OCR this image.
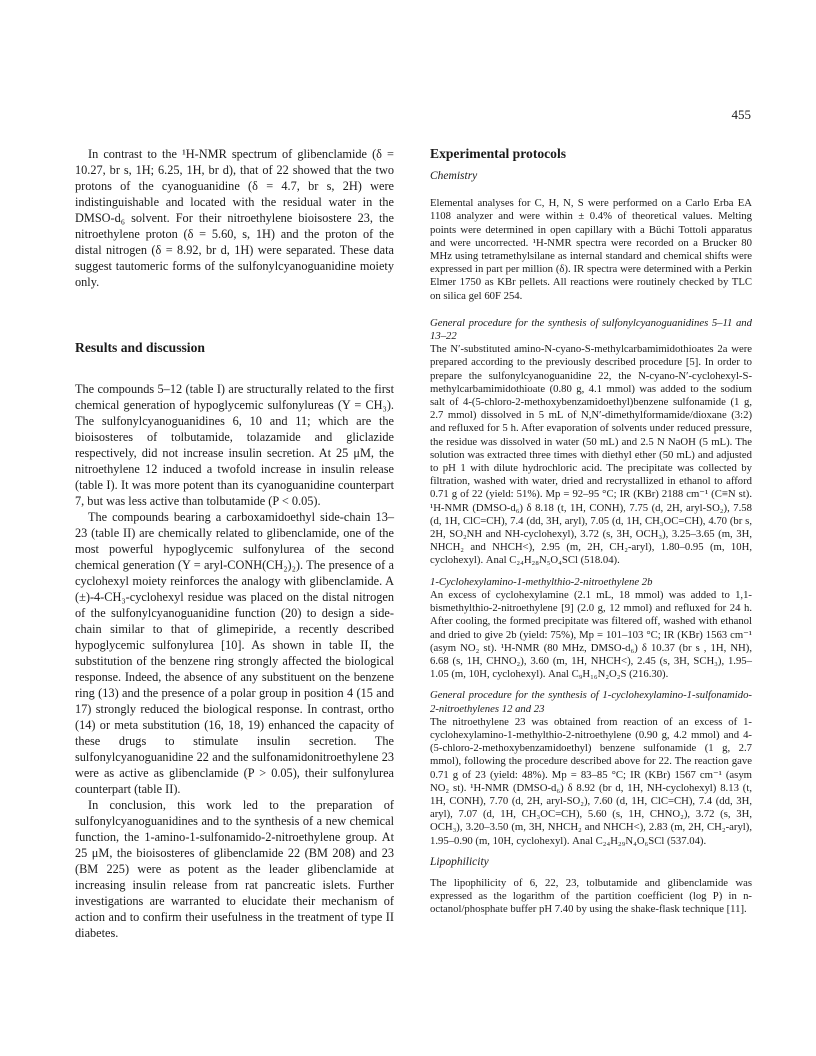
455

In contrast to the ¹H-NMR spectrum of glibenclamide (δ = 10.27, br s, 1H; 6.25, 1H, br d), that of 22 showed that the two protons of the cyanoguanidine (δ = 4.7, br s, 2H) were indistinguishable and located with the residual water in the DMSO-d₆ solvent. For their nitroethylene bioisostere 23, the nitroethylene proton (δ = 5.60, s, 1H) and the proton of the distal nitrogen (δ = 8.92, br d, 1H) were separated. These data suggest tautomeric forms of the sulfonylcyanoguanidine moiety only.

Results and discussion

The compounds 5–12 (table I) are structurally related to the first chemical generation of hypoglycemic sulfonylureas (Y = CH₃). The sulfonylcyanoguanidines 6, 10 and 11; which are the bioisosteres of tolbutamide, tolazamide and gliclazide respectively, did not increase insulin secretion. At 25 μM, the nitroethylene 12 induced a twofold increase in insulin release (table I). It was more potent than its cyanoguanidine counterpart 7, but was less active than tolbutamide (P < 0.05).

The compounds bearing a carboxamidoethyl side-chain 13–23 (table II) are chemically related to glibenclamide, one of the most powerful hypoglycemic sulfonylurea of the second chemical generation (Y = aryl-CONH(CH₂)₂). The presence of a cyclohexyl moiety reinforces the analogy with glibenclamide. A (±)-4-CH₃-cyclohexyl residue was placed on the distal nitrogen of the sulfonylcyanoguanidine function (20) to design a side-chain similar to that of glimepiride, a recently described hypoglycemic sulfonylurea [10]. As shown in table II, the substitution of the benzene ring strongly affected the biological response. Indeed, the absence of any substituent on the benzene ring (13) and the presence of a polar group in position 4 (15 and 17) strongly reduced the biological response. In contrast, ortho (14) or meta substitution (16, 18, 19) enhanced the capacity of these drugs to stimulate insulin secretion. The sulfonylcyanoguanidine 22 and the sulfonamidonitroethylene 23 were as active as glibenclamide (P > 0.05), their sulfonylurea counterpart (table II).

In conclusion, this work led to the preparation of sulfonylcyanoguanidines and to the synthesis of a new chemical function, the 1-amino-1-sulfonamido-2-nitroethylene group. At 25 μM, the bioisosteres of glibenclamide 22 (BM 208) and 23 (BM 225) were as potent as the leader glibenclamide at increasing insulin release from rat pancreatic islets. Further investigations are warranted to elucidate their mechanism of action and to confirm their usefulness in the treatment of type II diabetes.

Experimental protocols

Chemistry

Elemental analyses for C, H, N, S were performed on a Carlo Erba EA 1108 analyzer and were within ± 0.4% of theoretical values. Melting points were determined in open capillary with a Büchi Tottoli apparatus and were uncorrected. ¹H-NMR spectra were recorded on a Brucker 80 MHz using tetramethylsilane as internal standard and chemical shifts were expressed in part per million (δ). IR spectra were determined with a Perkin Elmer 1750 as KBr pellets. All reactions were routinely checked by TLC on silica gel 60F 254.

General procedure for the synthesis of sulfonylcyanoguanidines 5–11 and 13–22

The N′-substituted amino-N-cyano-S-methylcarbamimidothioates 2a were prepared according to the previously described procedure [5]. In order to prepare the sulfonylcyanoguanidine 22, the N-cyano-N′-cyclohexyl-S-methylcarbamimidothioate (0.80 g, 4.1 mmol) was added to the sodium salt of 4-(5-chloro-2-methoxybenzamidoethyl)benzene sulfonamide (1 g, 2.7 mmol) dissolved in 5 mL of N,N′-dimethylformamide/dioxane (3:2) and refluxed for 5 h. After evaporation of solvents under reduced pressure, the residue was dissolved in water (50 mL) and 2.5 N NaOH (5 mL). The solution was extracted three times with diethyl ether (50 mL) and adjusted to pH 1 with dilute hydrochloric acid. The precipitate was collected by filtration, washed with water, dried and recrystallized in ethanol to afford 0.71 g of 22 (yield: 51%). Mp = 92–95 °C; IR (KBr) 2188 cm⁻¹ (C≡N st). ¹H-NMR (DMSO-d₆) δ 8.18 (t, 1H, CONH), 7.75 (d, 2H, aryl-SO₂), 7.58 (d, 1H, ClC=CH), 7.4 (dd, 3H, aryl), 7.05 (d, 1H, CH₃OC=CH), 4.70 (br s, 2H, SO₂NH and NH-cyclohexyl), 3.72 (s, 3H, OCH₃), 3.25–3.65 (m, 3H, NHCH₂ and NHCH<), 2.95 (m, 2H, CH₂-aryl), 1.80–0.95 (m, 10H, cyclohexyl). Anal C₂₄H₂₈N₅O₄SCl (518.04).

1-Cyclohexylamino-1-methylthio-2-nitroethylene 2b

An excess of cyclohexylamine (2.1 mL, 18 mmol) was added to 1,1-bismethylthio-2-nitroethylene [9] (2.0 g, 12 mmol) and refluxed for 24 h. After cooling, the formed precipitate was filtered off, washed with ethanol and dried to give 2b (yield: 75%), Mp = 101–103 °C; IR (KBr) 1563 cm⁻¹ (asym NO₂ st). ¹H-NMR (80 MHz, DMSO-d₆) δ 10.37 (br s , 1H, NH), 6.68 (s, 1H, CHNO₂), 3.60 (m, 1H, NHCH<), 2.45 (s, 3H, SCH₃), 1.95–1.05 (m, 10H, cyclohexyl). Anal C₉H₁₆N₂O₂S (216.30).

General procedure for the synthesis of 1-cyclohexylamino-1-sulfonamido-2-nitroethylenes 12 and 23

The nitroethylene 23 was obtained from reaction of an excess of 1-cyclohexylamino-1-methylthio-2-nitroethylene (0.90 g, 4.2 mmol) and 4-(5-chloro-2-methoxybenzamidoethyl) benzene sulfonamide (1 g, 2.7 mmol), following the procedure described above for 22. The reaction gave 0.71 g of 23 (yield: 48%). Mp = 83–85 °C; IR (KBr) 1567 cm⁻¹ (asym NO₂ st). ¹H-NMR (DMSO-d₆) δ 8.92 (br d, 1H, NH-cyclohexyl) 8.13 (t, 1H, CONH), 7.70 (d, 2H, aryl-SO₂), 7.60 (d, 1H, ClC=CH), 7.4 (dd, 3H, aryl), 7.07 (d, 1H, CH₃OC=CH), 5.60 (s, 1H, CHNO₂), 3.72 (s, 3H, OCH₃), 3.20–3.50 (m, 3H, NHCH₂ and NHCH<), 2.83 (m, 2H, CH₂-aryl), 1.95–0.90 (m, 10H, cyclohexyl). Anal C₂₄H₂₉N₄O₆SCl (537.04).

Lipophilicity

The lipophilicity of 6, 22, 23, tolbutamide and glibenclamide was expressed as the logarithm of the partition coefficient (log P) in n-octanol/phosphate buffer pH 7.40 by using the shake-flask technique [11].
